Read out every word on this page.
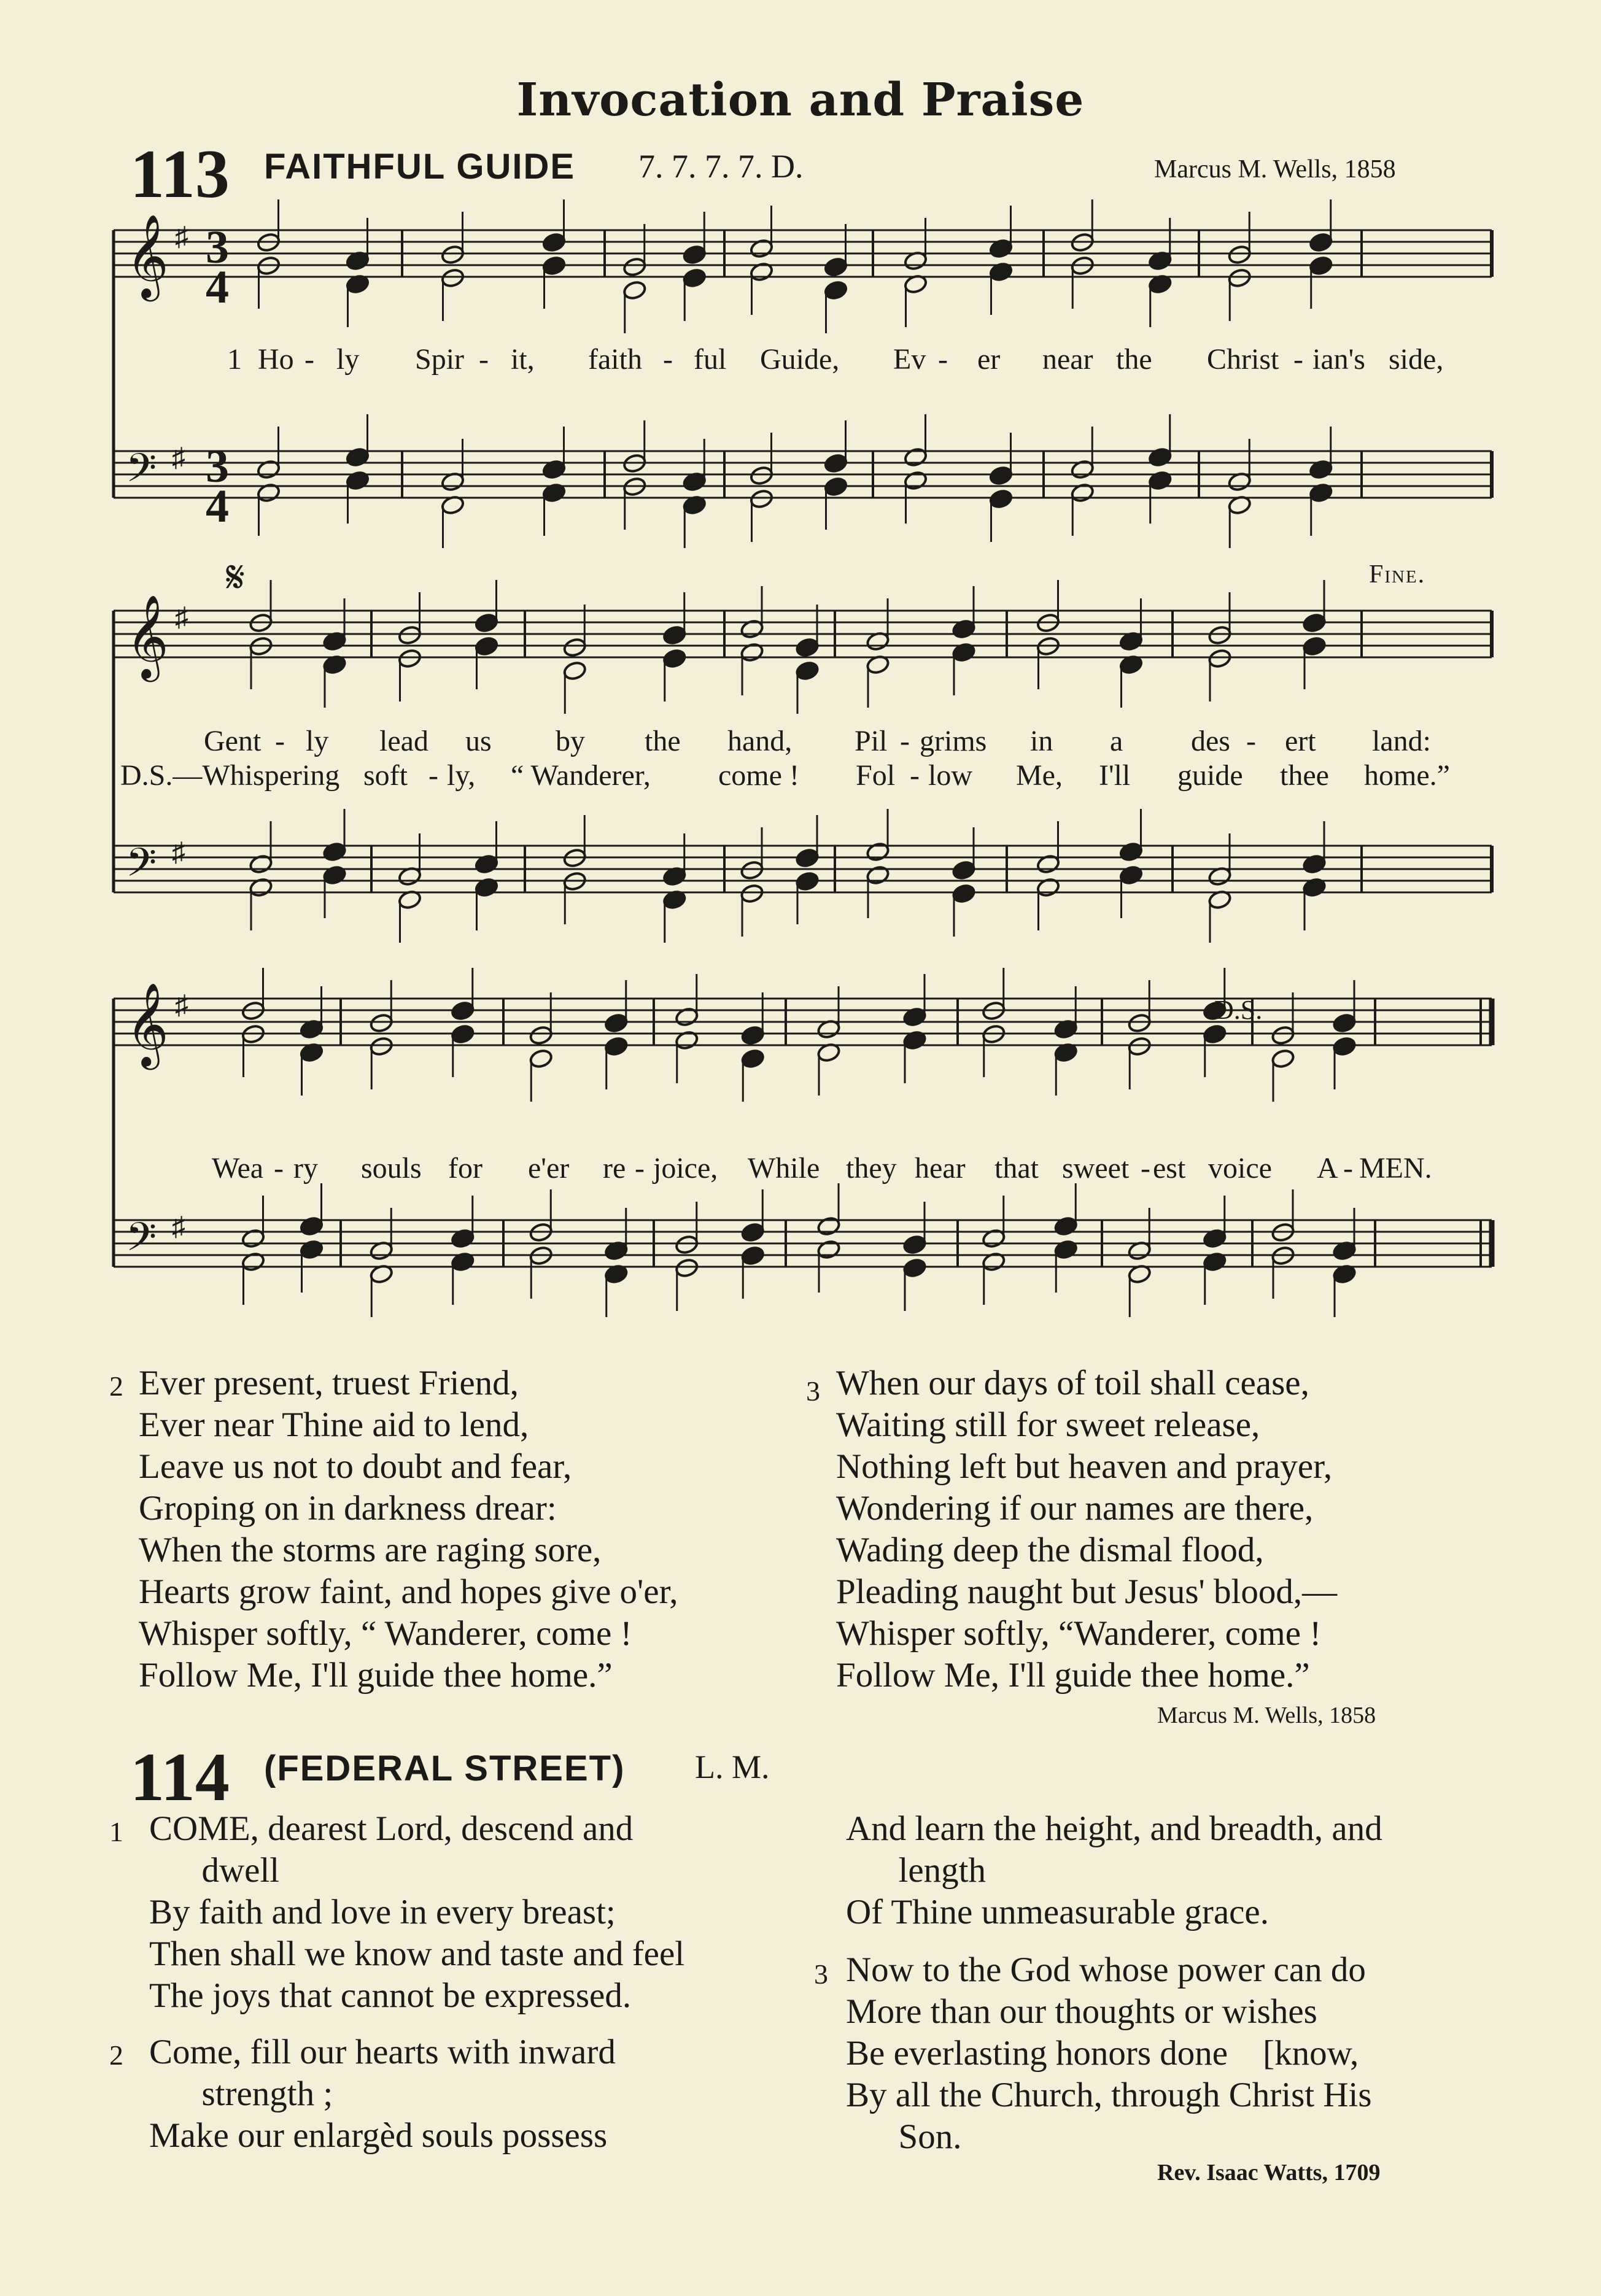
Invocation and Praise
113 FAITHFUL GUIDE 7. 7. 7. 7. D.	Marcus M. Wells, 1858
𝄞 ♯
𝄢 ♯
𝄞 ♯
𝄢 ♯
𝄞 ♯
𝄢 ♯
Fine.
D.S.
𝄋
3
4
3
4
1 Ho - ly Spir - it, faith - ful Guide, Ev - er near the Christ - ian's side,
Gent - ly lead us by the hand, Pil - grims in a des - ert land:
D.S.—Whispering soft - ly, “ Wanderer, come ! Fol - low Me, I'll guide thee home.”
Wea - ry souls for e'er re - joice, While they hear that sweet - est voice A - MEN.
2 Ever present, truest Friend,
Ever near Thine aid to lend,
Leave us not to doubt and fear,
Groping on in darkness drear:
When the storms are raging sore,
Hearts grow faint, and hopes give o'er,
Whisper softly, “ Wanderer, come !
Follow Me, I'll guide thee home.”
3 When our days of toil shall cease,
Waiting still for sweet release,
Nothing left but heaven and prayer,
Wondering if our names are there,
Wading deep the dismal flood,
Pleading naught but Jesus' blood,—
Whisper softly, “Wanderer, come !
Follow Me, I'll guide thee home.”
Marcus M. Wells, 1858
114 (FEDERAL STREET) L. M.
1 COME, dearest Lord, descend and
dwell
By faith and love in every breast;
Then shall we know and taste and feel
The joys that cannot be expressed.
2 Come, fill our hearts with inward
strength ;
Make our enlargèd souls possess
And learn the height, and breadth, and
length
Of Thine unmeasurable grace.
3 Now to the God whose power can do
More than our thoughts or wishes
Be everlasting honors done    [know,
By all the Church, through Christ His
Son.
Rev. Isaac Watts, 1709
